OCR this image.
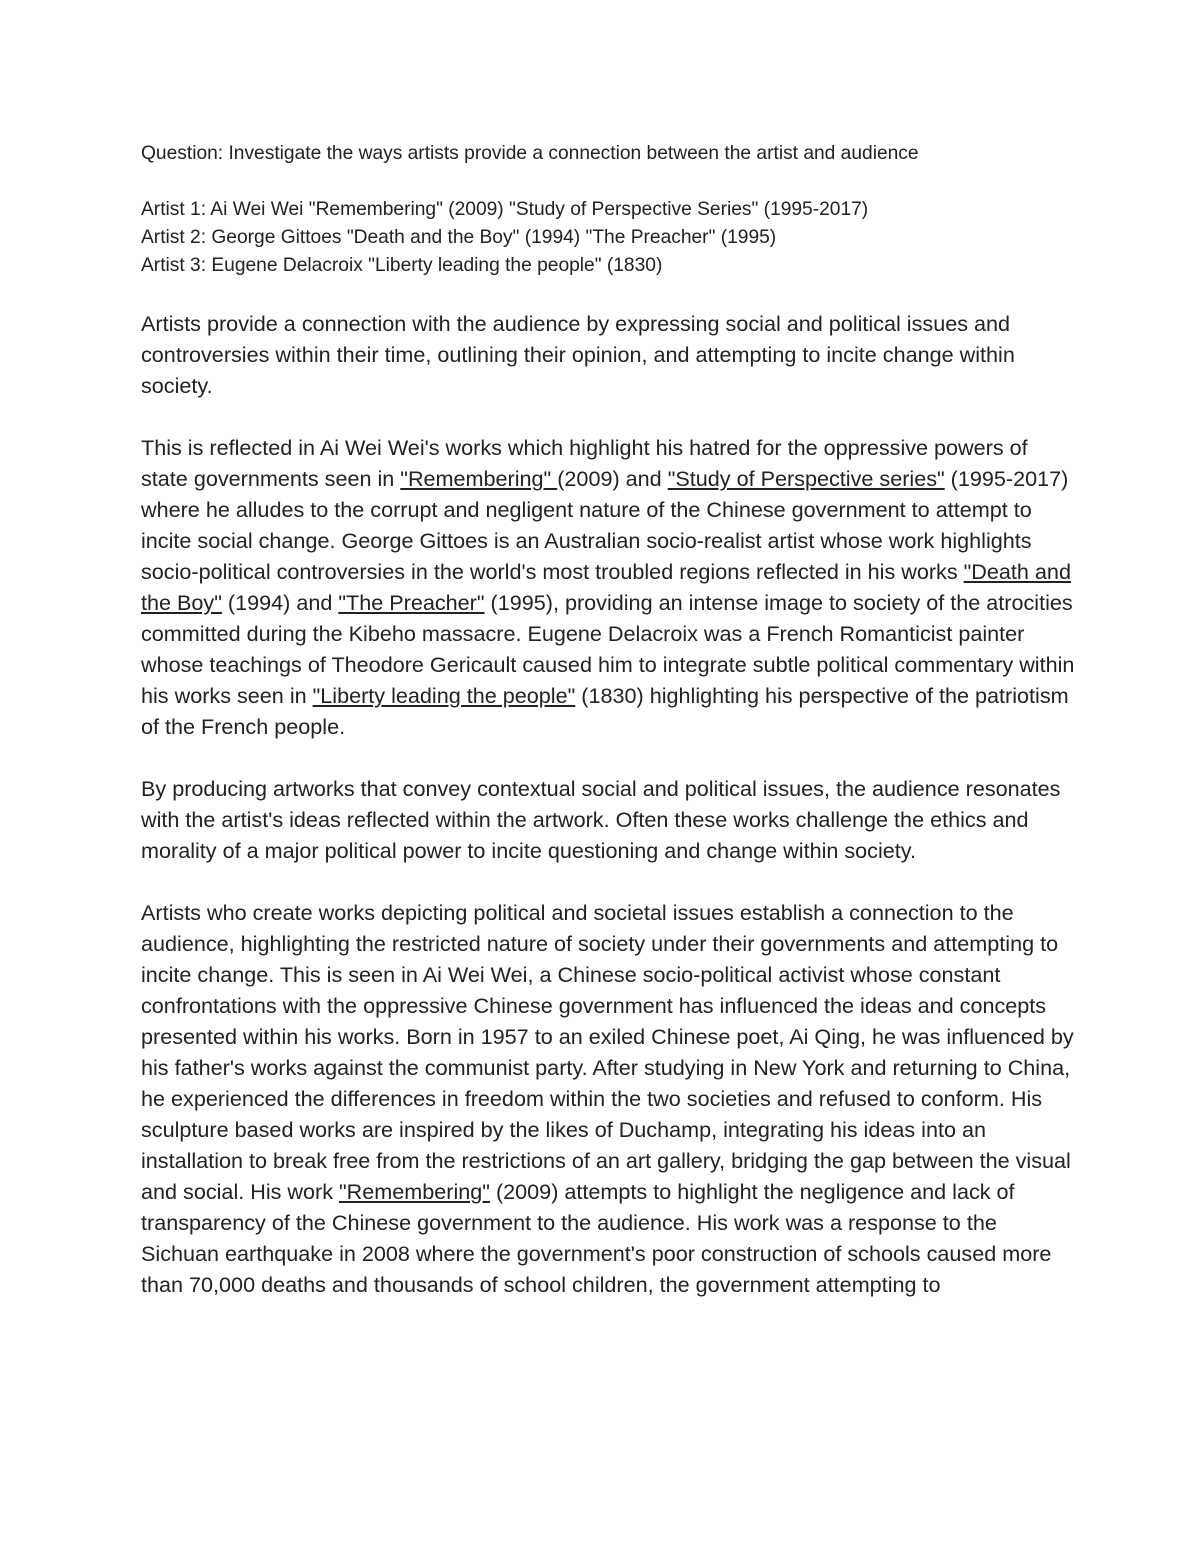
Question: Investigate the ways artists provide a connection between the artist and audience

Artist 1: Ai Wei Wei "Remembering" (2009) "Study of Perspective Series" (1995-2017)

Artist 2: George Gittoes "Death and the Boy" (1994) "The Preacher" (1995)

Artist 3: Eugene Delacroix "Liberty leading the people" (1830)

Artists provide a connection with the audience by expressing social and political issues and controversies within their time, outlining their opinion, and attempting to incite change within society.

This is reflected in Ai Wei Wei's works which highlight his hatred for the oppressive powers of state governments seen in "Remembering" (2009) and "Study of Perspective series" (1995-2017) where he alludes to the corrupt and negligent nature of the Chinese government to attempt to incite social change. George Gittoes is an Australian socio-realist artist whose work highlights socio-political controversies in the world's most troubled regions reflected in his works "Death and the Boy" (1994) and "The Preacher" (1995), providing an intense image to society of the atrocities committed during the Kibeho massacre. Eugene Delacroix was a French Romanticist painter whose teachings of Theodore Gericault caused him to integrate subtle political commentary within his works seen in "Liberty leading the people" (1830) highlighting his perspective of the patriotism of the French people.

By producing artworks that convey contextual social and political issues, the audience resonates with the artist's ideas reflected within the artwork. Often these works challenge the ethics and morality of a major political power to incite questioning and change within society.

Artists who create works depicting political and societal issues establish a connection to the audience, highlighting the restricted nature of society under their governments and attempting to incite change. This is seen in Ai Wei Wei, a Chinese socio-political activist whose constant confrontations with the oppressive Chinese government has influenced the ideas and concepts presented within his works. Born in 1957 to an exiled Chinese poet, Ai Qing, he was influenced by his father's works against the communist party. After studying in New York and returning to China, he experienced the differences in freedom within the two societies and refused to conform. His sculpture based works are inspired by the likes of Duchamp, integrating his ideas into an installation to break free from the restrictions of an art gallery, bridging the gap between the visual and social. His work "Remembering" (2009) attempts to highlight the negligence and lack of transparency of the Chinese government to the audience. His work was a response to the Sichuan earthquake in 2008 where the government's poor construction of schools caused more than 70,000 deaths and thousands of school children, the government attempting to
